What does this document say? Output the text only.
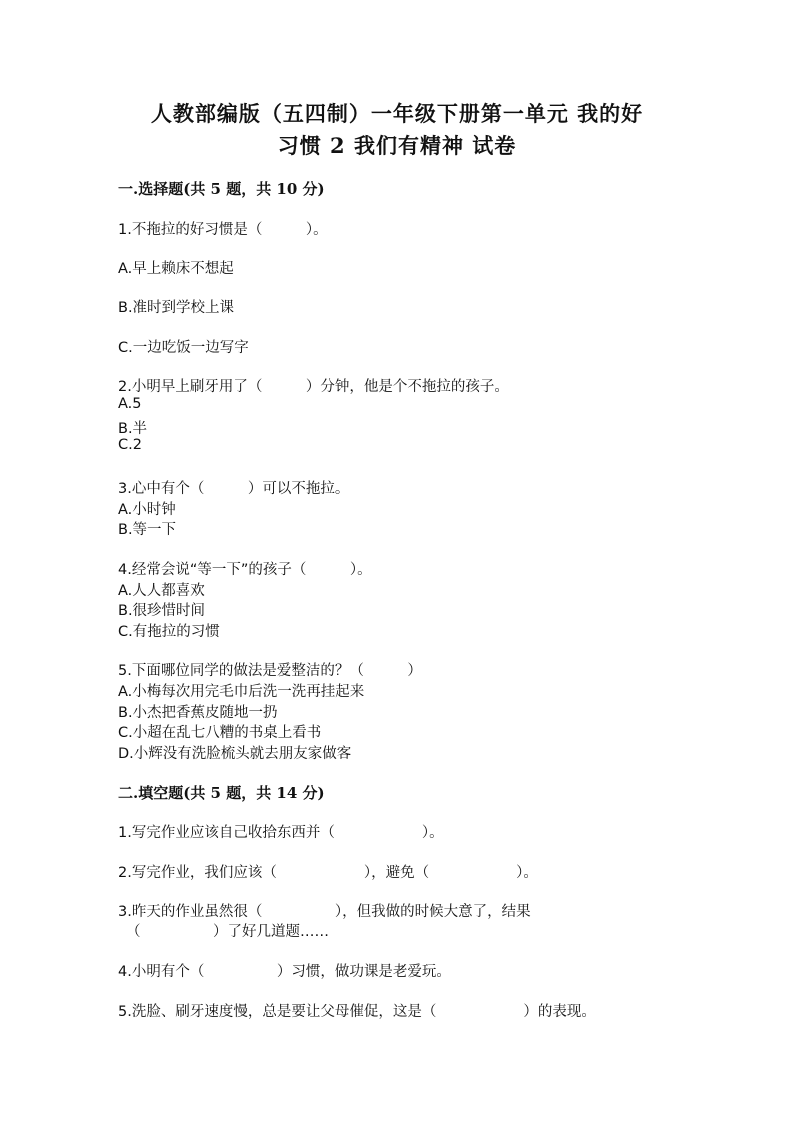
人教部编版（五四制）一年级下册第一单元 我的好
习惯 2 我们有精神 试卷
一.选择题(共 5 题，共 10 分)
1.不拖拉的好习惯是（　　　）。
A.早上赖床不想起
B.准时到学校上课
C.一边吃饭一边写字
2.小明早上刷牙用了（　　　）分钟，他是个不拖拉的孩子。
A.5
B.半
C.2
3.心中有个（　　　）可以不拖拉。
A.小时钟
B.等一下
4.经常会说“等一下”的孩子（　　　）。
A.人人都喜欢
B.很珍惜时间
C.有拖拉的习惯
5.下面哪位同学的做法是爱整洁的？（　　　）
A.小梅每次用完毛巾后洗一洗再挂起来
B.小杰把香蕉皮随地一扔
C.小超在乱七八糟的书桌上看书
D.小辉没有洗脸梳头就去朋友家做客
二.填空题(共 5 题，共 14 分)
1.写完作业应该自己收拾东西并（　　　　　　）。
2.写完作业，我们应该（　　　　　　），避免（　　　　　　）。
3.昨天的作业虽然很（　　　　　），但我做的时候大意了，结果
（　　　　　）了好几道题……
4.小明有个（　　　　　）习惯，做功课是老爱玩。
5.洗脸、刷牙速度慢，总是要让父母催促，这是（　　　　　　）的表现。
